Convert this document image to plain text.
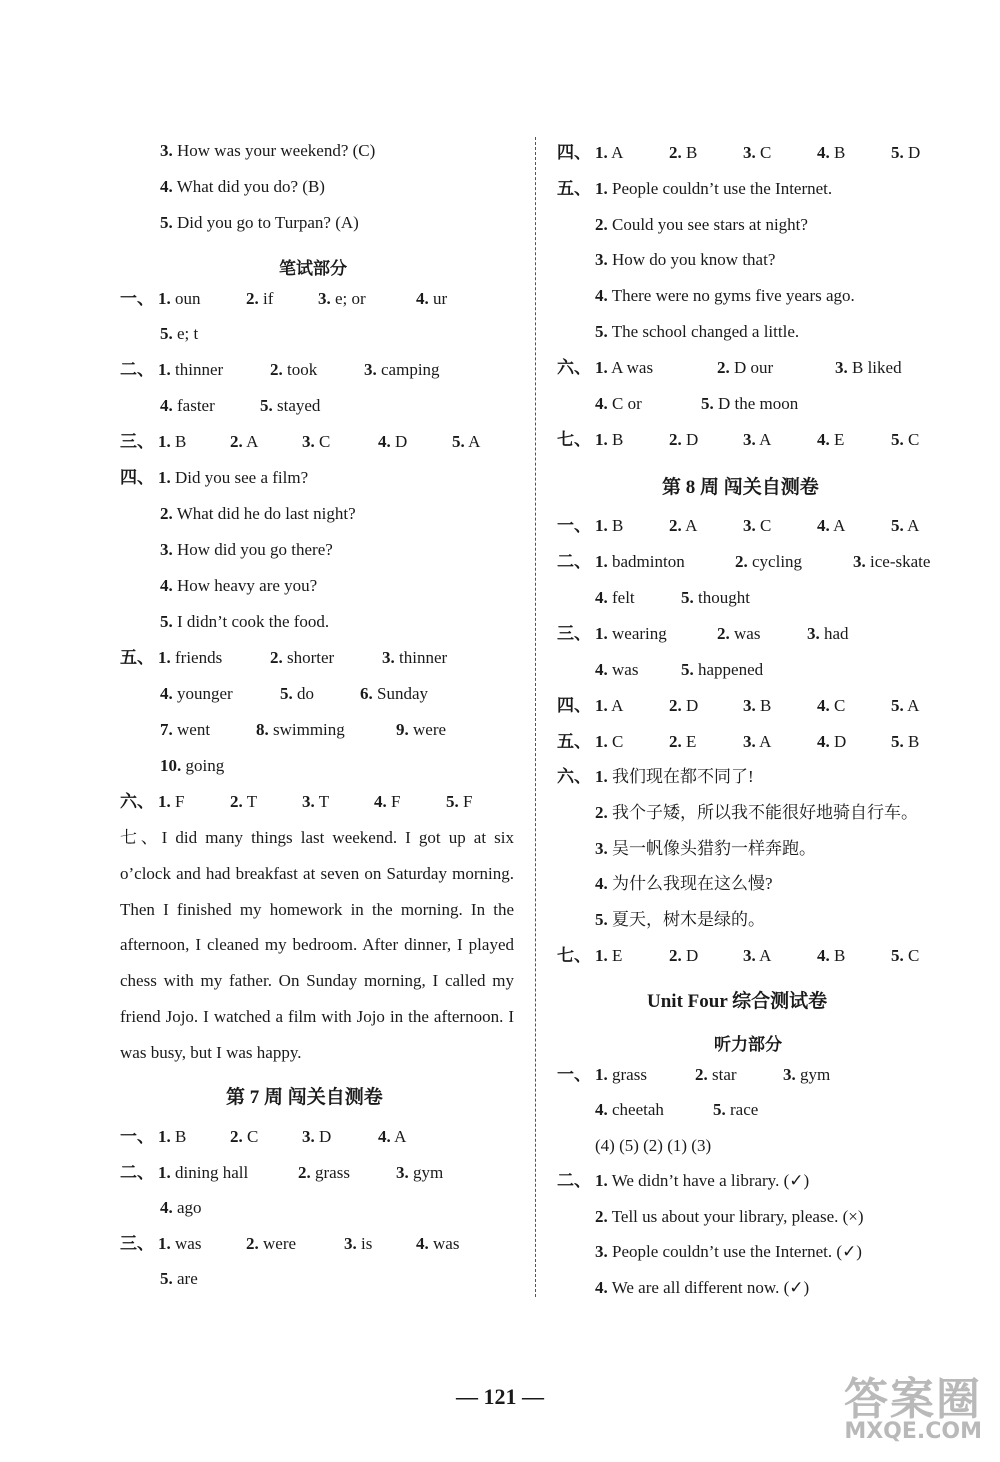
3. How was your weekend? (C)
4. What did you do? (B)
5. Did you go to Turpan? (A)
一、 1. oun	2. if	3. e; or	4. ur
5. e; t
二、 1. thinner	2. took	3. camping
4. faster	5. stayed
三、 1. B	2. A	3. C	4. D	5. A
四、 1. Did you see a film?
2. What did he do last night?
3. How did you go there?
4. How heavy are you?
5. I didn’t cook the food.
五、 1. friends	2. shorter	3. thinner
4. younger	5. do	6. Sunday
7. went	8. swimming	9. were
10. going
六、 1. F	2. T	3. T	4. F	5. F
笔试部分
第 7 周 闯关自测卷
七、I did many things last weekend. I got up at six o’clock and had breakfast at seven on Saturday morning. Then I finished my homework in the morning. In the afternoon, I cleaned my bedroom. After dinner, I played chess with my father. On Sunday morning, I called my friend Jojo. I watched a film with Jojo in the afternoon. I was busy, but I was happy.
一、 1. B	2. C	3. D	4. A
二、 1. dining hall	2. grass	3. gym
4. ago
三、 1. was	2. were	3. is	4. was
5. are
四、 1. A	2. B	3. C	4. B	5. D
五、 1. People couldn’t use the Internet.
2. Could you see stars at night?
3. How do you know that?
4. There were no gyms five years ago.
5. The school changed a little.
六、 1. A was	2. D our	3. B liked
4. C or	5. D the moon
七、 1. B	2. D	3. A	4. E	5. C
一、 1. B	2. A	3. C	4. A	5. A
二、 1. badminton	2. cycling	3. ice-skate
4. felt	5. thought
三、 1. wearing	2. was	3. had
4. was	5. happened
四、 1. A	2. D	3. B	4. C	5. A
五、 1. C	2. E	3. A	4. D	5. B
六、 1. 我们现在都不同了!
2. 我个子矮，所以我不能很好地骑自行车。
3. 吴一帆像头猎豹一样奔跑。
4. 为什么我现在这么慢?
5. 夏天，树木是绿的。
七、 1. E	2. D	3. A	4. B	5. C
一、 1. grass	2. star	3. gym
4. cheetah	5. race
(4) (5) (2) (1) (3)
二、 1. We didn’t have a library. (✓)
2. Tell us about your library, please. (×)
3. People couldn’t use the Internet. (✓)
4. We are all different now. (✓)
第 8 周 闯关自测卷
Unit Four 综合测试卷
听力部分
— 121 —	答案圈
MXQE.COM
